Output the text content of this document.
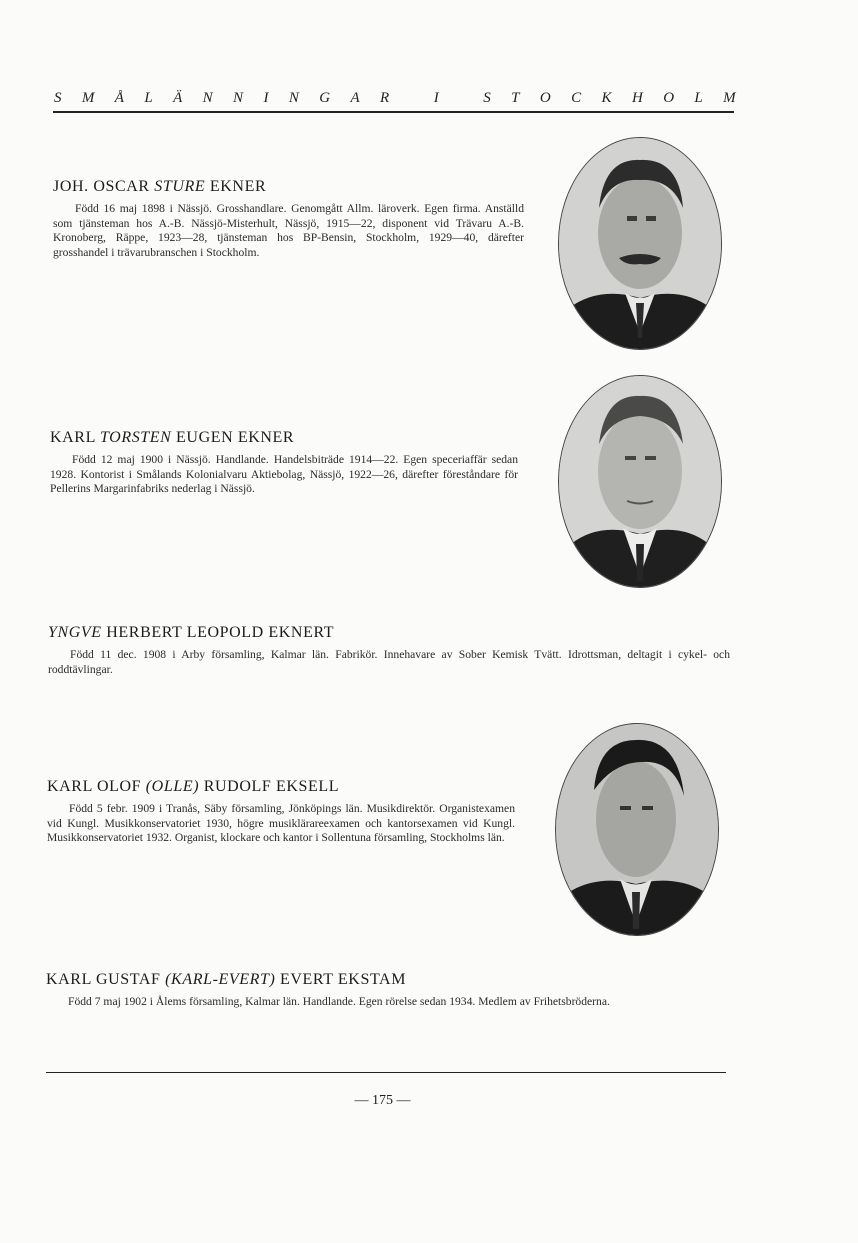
S M Å L Ä N N I N G A R
	I
	S T O C K H O L M
JOH. OSCAR STURE EKNER

Född 16 maj 1898 i Nässjö. Grosshandlare. Genomgått Allm. läroverk. Egen firma. Anställd som tjänsteman hos A.-B. Nässjö-Misterhult, Nässjö, 1915—22, disponent vid Trävaru A.-B. Kronoberg, Räppe, 1923—28, tjänsteman hos BP-Bensin, Stockholm, 1929—40, därefter grosshandel i trävarubranschen i Stockholm.

KARL TORSTEN EUGEN EKNER

Född 12 maj 1900 i Nässjö. Handlande. Handelsbiträde 1914—22. Egen speceriaffär sedan 1928. Kontorist i Smålands Kolonialvaru Aktiebolag, Nässjö, 1922—26, därefter föreståndare för Pellerins Margarinfabriks nederlag i Nässjö.

YNGVE HERBERT LEOPOLD EKNERT

Född 11 dec. 1908 i Arby församling, Kalmar län. Fabrikör. Innehavare av Sober Kemisk Tvätt. Idrottsman, deltagit i cykel- och roddtävlingar.

KARL OLOF (OLLE) RUDOLF EKSELL

Född 5 febr. 1909 i Tranås, Säby församling, Jönköpings län. Musikdirektör. Organistexamen vid Kungl. Musikkonservatoriet 1930, högre musiklärareexamen och kantorsexamen vid Kungl. Musikkonservatoriet 1932. Organist, klockare och kantor i Sollentuna församling, Stockholms län.

KARL GUSTAF (KARL-EVERT) EVERT EKSTAM

Född 7 maj 1902 i Ålems församling, Kalmar län. Handlande. Egen rörelse sedan 1934. Medlem av Frihetsbröderna.

— 175 —
